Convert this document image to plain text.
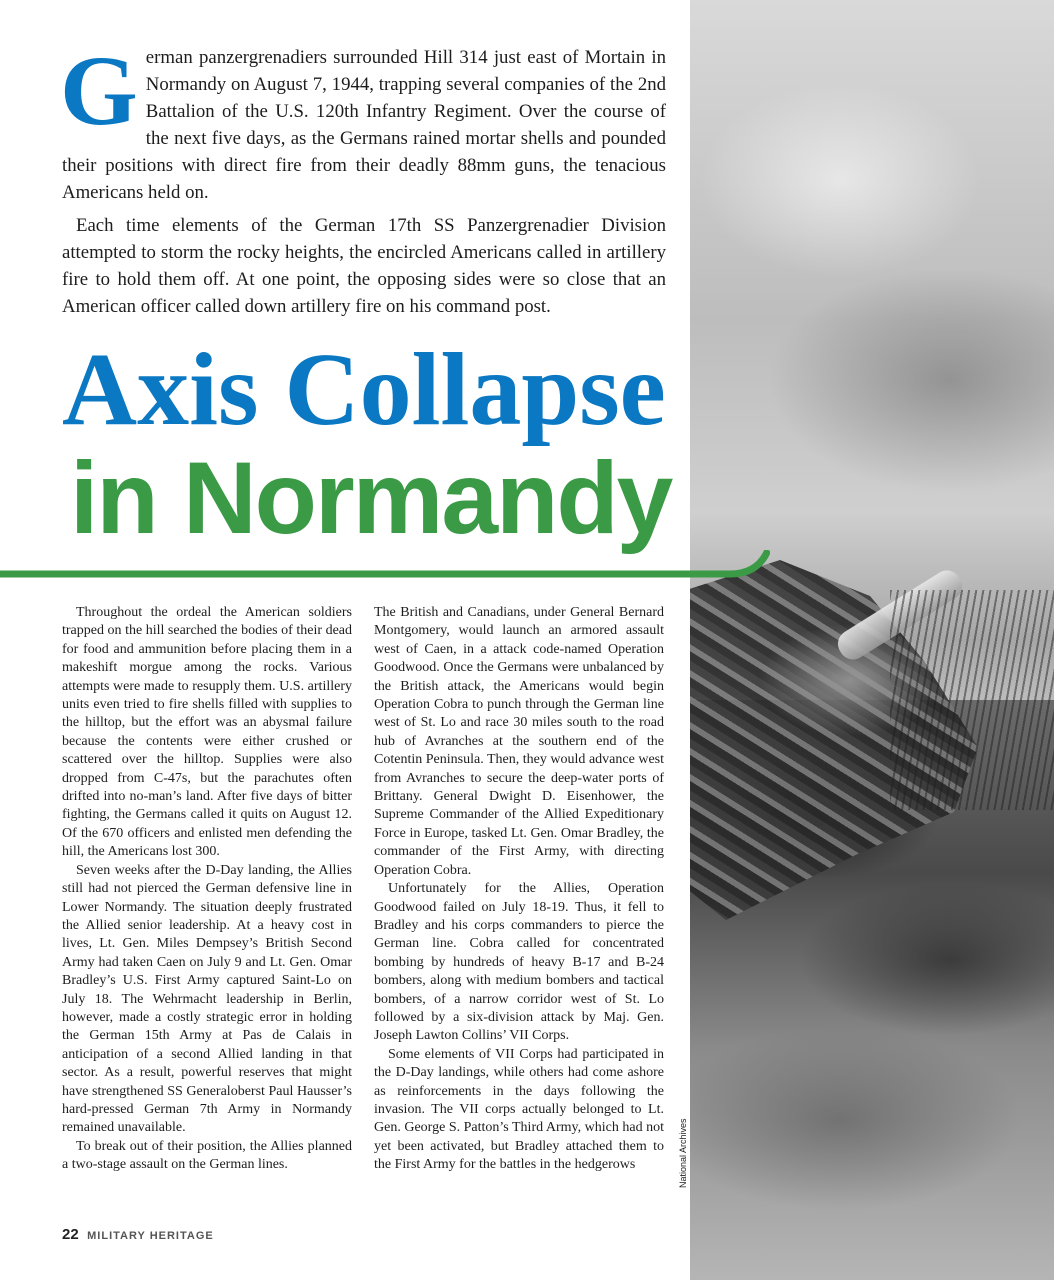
National Archives

German panzergrenadiers surrounded Hill 314 just east of Mortain in Normandy on August 7, 1944, trapping several companies of the 2nd Battalion of the U.S. 120th Infantry Regiment. Over the course of the next five days, as the Germans rained mortar shells and pounded their positions with direct fire from their deadly 88mm guns, the tenacious Americans held on.

Each time elements of the German 17th SS Panzergrenadier Division attempted to storm the rocky heights, the encircled Americans called in artillery fire to hold them off. At one point, the opposing sides were so close that an American officer called down artillery fire on his command post.

Axis Collapse
in Normandy

Throughout the ordeal the American soldiers trapped on the hill searched the bodies of their dead for food and ammunition before placing them in a makeshift morgue among the rocks. Various attempts were made to resupply them. U.S. artillery units even tried to fire shells filled with supplies to the hilltop, but the effort was an abysmal failure because the contents were either crushed or scattered over the hilltop. Supplies were also dropped from C-47s, but the parachutes often drifted into no-man’s land. After five days of bitter fighting, the Germans called it quits on August 12. Of the 670 officers and enlisted men defending the hill, the Americans lost 300.

Seven weeks after the D-Day landing, the Allies still had not pierced the German defensive line in Lower Normandy. The situation deeply frustrated the Allied senior leadership. At a heavy cost in lives, Lt. Gen. Miles Dempsey’s British Second Army had taken Caen on July 9 and Lt. Gen. Omar Bradley’s U.S. First Army captured Saint-Lo on July 18. The Wehrmacht leadership in Berlin, however, made a costly strategic error in holding the German 15th Army at Pas de Calais in anticipation of a second Allied landing in that sector. As a result, powerful reserves that might have strengthened SS Generaloberst Paul Hausser’s hard-pressed German 7th Army in Normandy remained unavailable.

To break out of their position, the Allies planned a two-stage assault on the German lines.

The British and Canadians, under General Bernard Montgomery, would launch an armored assault west of Caen, in a attack code-named Operation Goodwood. Once the Germans were unbalanced by the British attack, the Americans would begin Operation Cobra to punch through the German line west of St. Lo and race 30 miles south to the road hub of Avranches at the southern end of the Cotentin Peninsula. Then, they would advance west from Avranches to secure the deep-water ports of Brittany. General Dwight D. Eisenhower, the Supreme Commander of the Allied Expeditionary Force in Europe, tasked Lt. Gen. Omar Bradley, the commander of the First Army, with directing Operation Cobra.

Unfortunately for the Allies, Operation Goodwood failed on July 18-19. Thus, it fell to Bradley and his corps commanders to pierce the German line. Cobra called for concentrated bombing by hundreds of heavy B-17 and B-24 bombers, along with medium bombers and tactical bombers, of a narrow corridor west of St. Lo followed by a six-division attack by Maj. Gen. Joseph Lawton Collins’ VII Corps.

Some elements of VII Corps had participated in the D-Day landings, while others had come ashore as reinforcements in the days following the invasion. The VII corps actually belonged to Lt. Gen. George S. Patton’s Third Army, which had not yet been activated, but Bradley attached them to the First Army for the battles in the hedgerows

22 MILITARY HERITAGE
